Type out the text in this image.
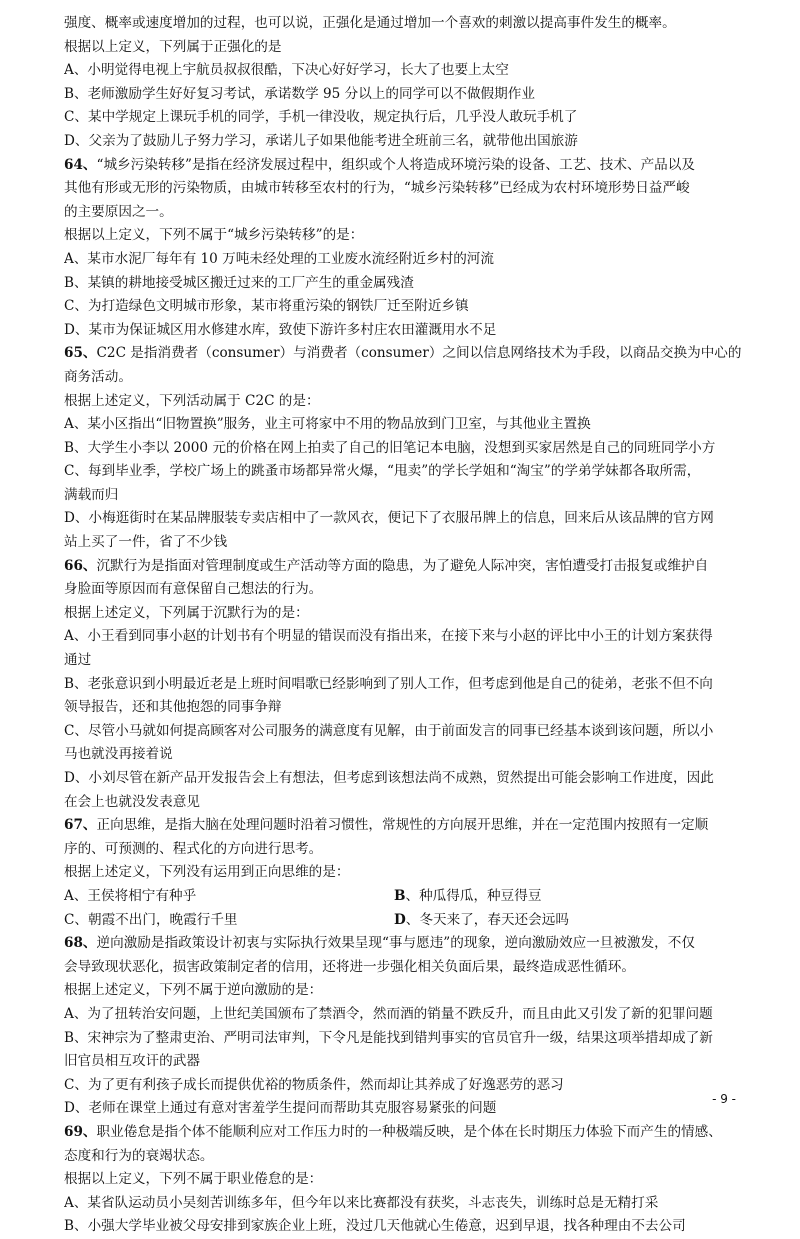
强度、概率或速度增加的过程，也可以说，正强化是通过增加一个喜欢的刺激以提高事件发生的概率。
根据以上定义，下列属于正强化的是
A、小明觉得电视上宇航员叔叔很酷，下决心好好学习，长大了也要上太空
B、老师激励学生好好复习考试，承诺数学 95 分以上的同学可以不做假期作业
C、某中学规定上课玩手机的同学，手机一律没收，规定执行后，几乎没人敢玩手机了
D、父亲为了鼓励儿子努力学习，承诺儿子如果他能考进全班前三名，就带他出国旅游
64、“城乡污染转移”是指在经济发展过程中，组织或个人将造成环境污染的设备、工艺、技术、产品以及
其他有形或无形的污染物质，由城市转移至农村的行为，“城乡污染转移”已经成为农村环境形势日益严峻
的主要原因之一。
根据以上定义，下列不属于“城乡污染转移”的是：
A、某市水泥厂每年有 10 万吨未经处理的工业废水流经附近乡村的河流
B、某镇的耕地接受城区搬迁过来的工厂产生的重金属残渣
C、为打造绿色文明城市形象，某市将重污染的钢铁厂迁至附近乡镇
D、某市为保证城区用水修建水库，致使下游许多村庄农田灌溉用水不足
65、C2C 是指消费者（consumer）与消费者（consumer）之间以信息网络技术为手段，以商品交换为中心的
商务活动。
根据上述定义，下列活动属于 C2C 的是：
A、某小区指出“旧物置换”服务，业主可将家中不用的物品放到门卫室，与其他业主置换
B、大学生小李以 2000 元的价格在网上拍卖了自己的旧笔记本电脑，没想到买家居然是自己的同班同学小方
C、每到毕业季，学校广场上的跳蚤市场都异常火爆，“甩卖”的学长学姐和“淘宝”的学弟学妹都各取所需，
满载而归
D、小梅逛街时在某品牌服装专卖店相中了一款风衣，便记下了衣服吊牌上的信息，回来后从该品牌的官方网
站上买了一件，省了不少钱
66、沉默行为是指面对管理制度或生产活动等方面的隐患，为了避免人际冲突，害怕遭受打击报复或维护自
身脸面等原因而有意保留自己想法的行为。
根据上述定义，下列属于沉默行为的是：
A、小王看到同事小赵的计划书有个明显的错误而没有指出来，在接下来与小赵的评比中小王的计划方案获得
通过
B、老张意识到小明最近老是上班时间唱歌已经影响到了别人工作，但考虑到他是自己的徒弟，老张不但不向
领导报告，还和其他抱怨的同事争辩
C、尽管小马就如何提高顾客对公司服务的满意度有见解，由于前面发言的同事已经基本谈到该问题，所以小
马也就没再接着说
D、小刘尽管在新产品开发报告会上有想法，但考虑到该想法尚不成熟，贸然提出可能会影响工作进度，因此
在会上也就没发表意见
67、正向思维，是指大脑在处理问题时沿着习惯性，常规性的方向展开思维，并在一定范围内按照有一定顺
序的、可预测的、程式化的方向进行思考。
根据上述定义，下列没有运用到正向思维的是：
A、王侯将相宁有种乎	B、种瓜得瓜，种豆得豆
C、朝霞不出门，晚霞行千里	D、冬天来了，春天还会远吗
68、逆向激励是指政策设计初衷与实际执行效果呈现“事与愿违”的现象，逆向激励效应一旦被激发，不仅
会导致现状恶化，损害政策制定者的信用，还将进一步强化相关负面后果，最终造成恶性循环。
根据上述定义，下列不属于逆向激励的是：
A、为了扭转治安问题，上世纪美国颁布了禁酒令，然而酒的销量不跌反升，而且由此又引发了新的犯罪问题
B、宋神宗为了整肃吏治、严明司法审判，下令凡是能找到错判事实的官员官升一级，结果这项举措却成了新
旧官员相互攻讦的武器
C、为了更有利孩子成长而提供优裕的物质条件，然而却让其养成了好逸恶劳的恶习
D、老师在课堂上通过有意对害羞学生提问而帮助其克服容易紧张的问题
69、职业倦怠是指个体不能顺利应对工作压力时的一种极端反映，是个体在长时期压力体验下而产生的情感、
态度和行为的衰竭状态。
根据以上定义，下列不属于职业倦怠的是：
A、某省队运动员小吴刻苦训练多年，但今年以来比赛都没有获奖，斗志丧失，训练时总是无精打采
B、小强大学毕业被父母安排到家族企业上班，没过几天他就心生倦意，迟到早退，找各种理由不去公司
- 9 -
